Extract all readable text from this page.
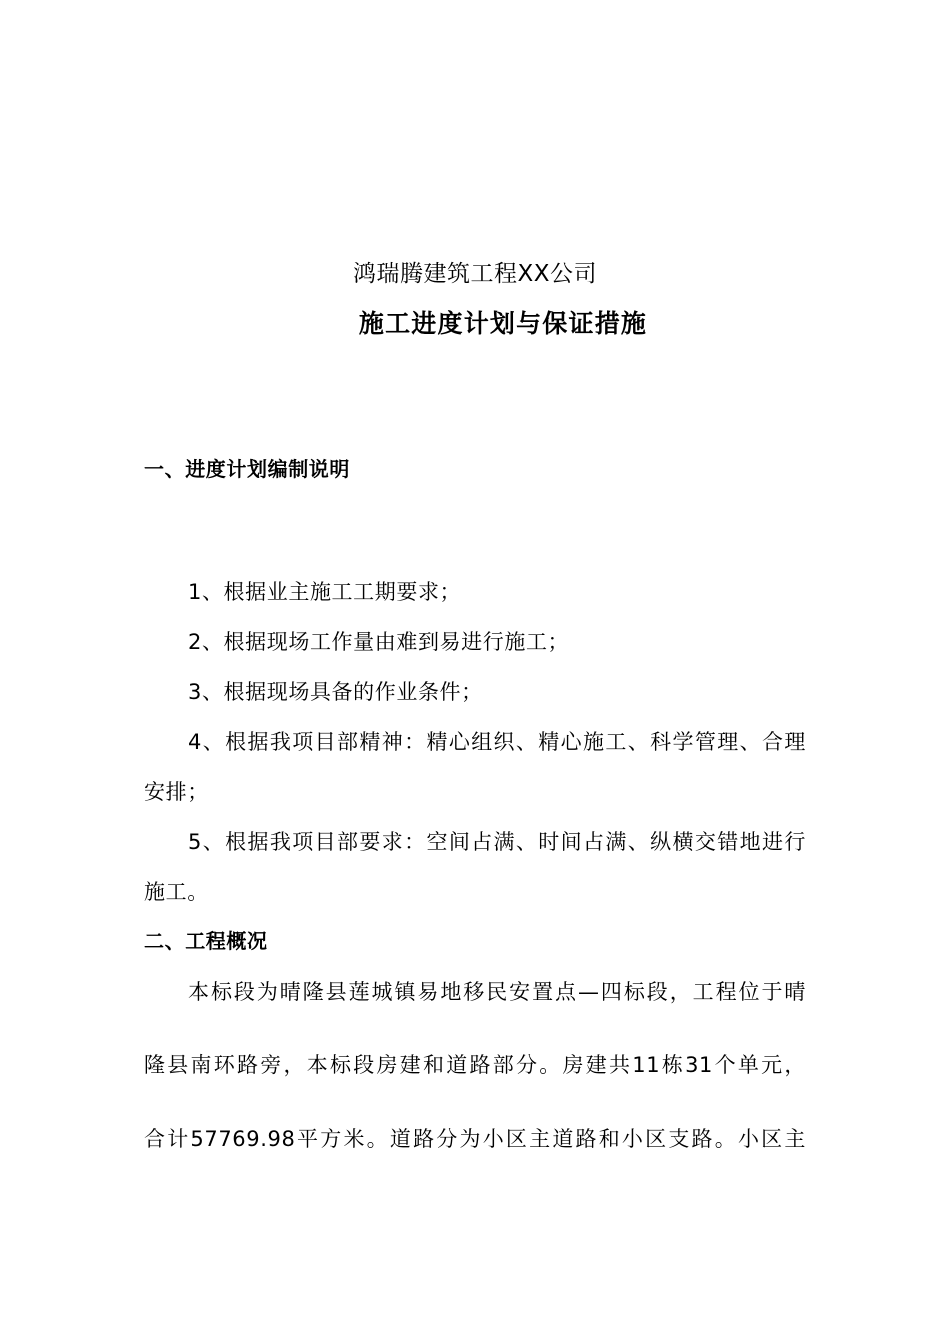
鸿瑞腾建筑工程XX公司
施工进度计划与保证措施
一、进度计划编制说明
1、根据业主施工工期要求；
2、根据现场工作量由难到易进行施工；
3、根据现场具备的作业条件；
4、根据我项目部精神：精心组织、精心施工、科学管理、合理
安排；
5、根据我项目部要求：空间占满、时间占满、纵横交错地进行
施工。
二、工程概况
本标段为晴隆县莲城镇易地移民安置点—四标段，工程位于晴
隆县南环路旁，本标段房建和道路部分。房建共11栋31个单元，
合计57769.98平方米。道路分为小区主道路和小区支路。小区主
